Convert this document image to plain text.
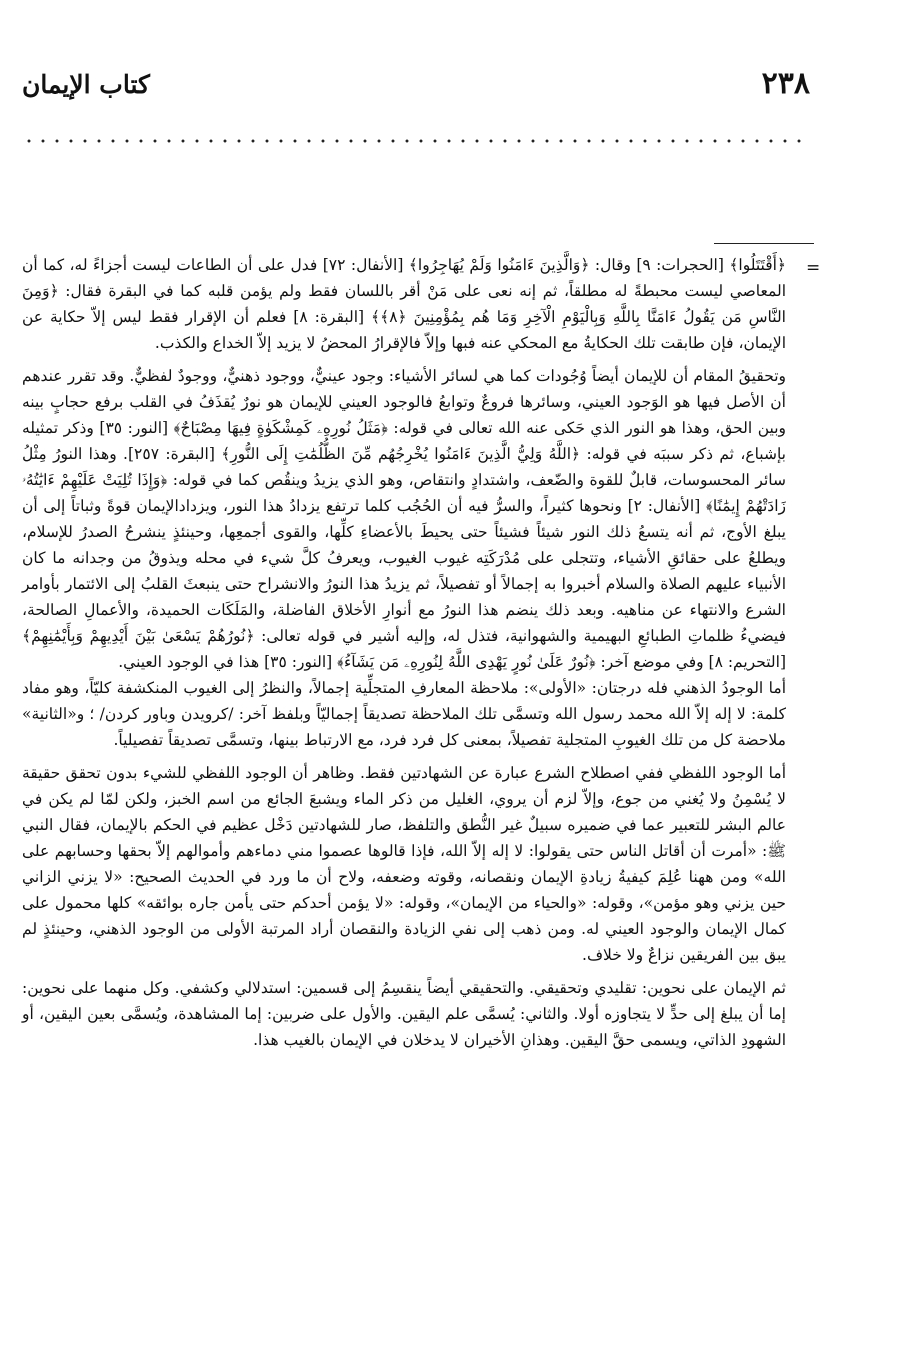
٢٣٨
كتاب الإيمان
=

﴿أَقْتَتَلُوا﴾ [الحجرات: ٩] وقال: ﴿وَالَّذِينَ ءَامَنُوا وَلَمْ يُهَاجِرُوا﴾ [الأنفال: ٧٢] فدل على أن الطاعات ليست أجزاءً له، كما أن المعاصي ليست محبطةً له مطلقاً، ثم إنه نعى على مَنْ أقر باللسان فقط ولم يؤمن قلبه كما في البقرة فقال: ﴿وَمِنَ النَّاسِ مَن يَقُولُ ءَامَنَّا بِاللَّهِ وَبِالْيَوْمِ الْآخِرِ وَمَا هُم بِمُؤْمِنِينَ ﴿٨﴾﴾ [البقرة: ٨] فعلم أن الإقرار فقط ليس إلاّ حكاية عن الإيمان، فإن طابقت تلك الحكايةُ مع المحكي عنه فبها وإلاّ فالإقرارُ المحضُ لا يزيد إلاّ الخداع والكذب.

وتحقيقُ المقام أن للإيمان أيضاً وُجُودات كما هي لسائر الأشياء: وجود عينيٌّ، ووجود ذهنيٌّ، ووجودٌ لفظيٌّ. وقد تقرر عندهم أن الأصل فيها هو الوَجود العيني، وسائرها فروعٌ وتوابعُ فالوجود العيني للإيمان هو نورٌ يُقذَفُ في القلب برفع حجابٍ بينه وبين الحق، وهذا هو النور الذي حَكى عنه الله تعالى في قوله: ﴿مَثَلُ نُورِهِۦ كَمِشْكَوٰةٍ فِيهَا مِصْبَاحٌ﴾ [النور: ٣٥] وذكر تمثيله بإشباع، ثم ذكر سببَه في قوله: ﴿اللَّهُ وَلِيُّ الَّذِينَ ءَامَنُوا يُخْرِجُهُم مِّنَ الظُّلُمَٰتِ إِلَى النُّورِ﴾ [البقرة: ٢٥٧]. وهذا النورُ مِثْلُ سائر المحسوسات، قابلٌ للقوة والضّعف، واشتدادٍ وانتقاص، وهو الذي يزيدُ وينقُص كما في قوله: ﴿وَإِذَا تُلِيَتْ عَلَيْهِمْ ءَايَٰتُهُۥ زَادَتْهُمْ إِيمَٰنًا﴾ [الأنفال: ٢] ونحوها كثيراً، والسرُّ فيه أن الحُجُب كلما ترتفع يزدادُ هذا النور، ويزدادالإيمان قوةً وثباتاً إلى أن يبلغ الأوج، ثم أنه يتسعُ ذلك النور شيئاً فشيئاً حتى يحيطَ بالأعضاءِ كلِّها، والقوى أجمعِها، وحينئذٍ ينشرحُ الصدرُ للإسلام، ويطلعُ على حقائقِ الأشياء، وتتجلى على مُدْرَكَتِه غيوب الغيوب، ويعرفُ كلَّ شيء في محله ويذوقُ من وجدانه ما كان الأنبياء عليهم الصلاة والسلام أخبروا به إجمالاً أو تفصيلاً، ثم يزيدُ هذا النورُ والانشراح حتى ينبعثَ القلبُ إلى الائتمار بأوامر الشرع والانتهاء عن مناهيه. وبعد ذلك ينضم هذا النورُ مع أنوارِ الأخلاق الفاضلة، والمَلَكَات الحميدة، والأعمالِ الصالحة، فيضيءُ ظلماتِ الطبائعِ البهيمية والشهوانية، فتذل له، وإليه أشير في قوله تعالى: ﴿نُورُهُمْ يَسْعَىٰ بَيْنَ أَيْدِيهِمْ وَبِأَيْمَٰنِهِمْ﴾ [التحريم: ٨] وفي موضع آخر: ﴿نُورٌ عَلَىٰ نُورٍ يَهْدِى اللَّهُ لِنُورِهِۦ مَن يَشَآءُ﴾ [النور: ٣٥] هذا في الوجود العيني.

أما الوجودُ الذهني فله درجتان: «الأولى»: ملاحظة المعارفِ المتجلِّية إجمالاً، والنظرُ إلى الغيوب المنكشفة كليّاً، وهو مفاد كلمة: لا إله إلاّ الله محمد رسول الله وتسمَّى تلك الملاحظة تصديقاً إجماليّاً وبلفظ آخر: /كرويدن وباور كردن/ ؛ و«الثانية» ملاحضة كل من تلك الغيوبِ المتجلية تفصيلاً، بمعنى كل فرد فرد، مع الارتباط بينها، وتسمَّى تصديقاً تفصيلياً.

أما الوجود اللفظي ففي اصطلاح الشرع عبارة عن الشهادتين فقط. وظاهر أن الوجود اللفظي للشيء بدون تحقق حقيقة لا يُسْمِنُ ولا يُغني من جوع، وإلاّ لزم أن يروي، الغليل من ذكر الماء ويشبعَ الجائع من اسم الخبز، ولكن لمّا لم يكن في عالم البشر للتعبير عما في ضميره سبيلٌ غير النُّطق والتلفظ، صار للشهادتين دَخْل عظيم في الحكم بالإيمان، فقال النبي ﷺ: «أمرت أن أقاتل الناس حتى يقولوا: لا إله إلاّ الله، فإذا قالوها عصموا مني دماءهم وأموالهم إلاّ بحقها وحسابهم على الله» ومن ههنا عُلِمَ كيفيةُ زيادةِ الإيمان ونقصانه، وقوته وضعفه، ولاح أن ما ورد في الحديث الصحيح: «لا يزني الزاني حين يزني وهو مؤمن»، وقوله: «والحياء من الإيمان»، وقوله: «لا يؤمن أحدكم حتى يأمن جاره بوائقه» كلها محمول على كمال الإيمان والوجود العيني له. ومن ذهب إلى نفي الزيادة والنقصان أراد المرتبة الأولى من الوجود الذهني، وحينئذٍ لم يبق بين الفريقين نزاعٌ ولا خلاف.

ثم الإيمان على نحوين: تقليدي وتحقيقي. والتحقيقي أيضاً ينقسِمُ إلى قسمين: استدلالي وكشفي. وكل منهما على نحوين: إما أن يبلغ إلى حدٍّ لا يتجاوزه أولا. والثاني: يُسمَّى علم اليقين. والأول على ضربين: إما المشاهدة، ويُسمَّى بعين اليقين، أو الشهودِ الذاتي، ويسمى حقَّ اليقين. وهذانِ الأخيران لا يدخلان في الإيمان بالغيب هذا.
